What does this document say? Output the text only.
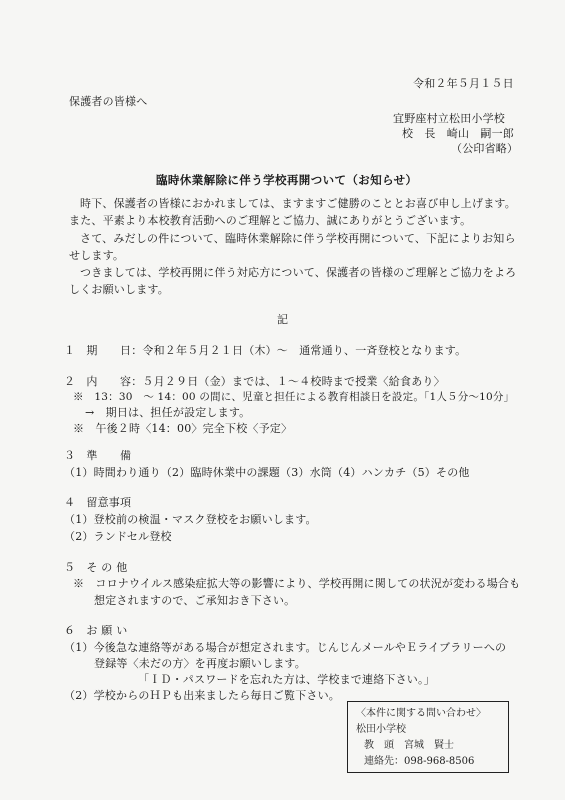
令和２年５月１５日
保護者の皆様へ
宜野座村立松田小学校
校　長　崎山　嗣一郎
（公印省略）
臨時休業解除に伴う学校再開ついて（お知らせ）
時下、保護者の皆様におかれましては、ますますご健勝のこととお喜び申し上げます。
また、平素より本校教育活動へのご理解とご協力、誠にありがとうございます。
さて、みだしの件について、臨時休業解除に伴う学校再開について、下記によりお知ら
せします。
つきましては、学校再開に伴う対応方について、保護者の皆様のご理解とご協力をよろ
しくお願いします。
記
１　期　　日：令和２年５月２１日（木）～　通常通り、一斉登校となります。
２　内　　容：５月２９日（金）までは、１～４校時まで授業〈給食あり〉
※　13：30　～ 14：00 の間に、児童と担任による教育相談日を設定。「1人５分～10分」
→　期日は、担任が設定します。
※　午後２時〈14：00〉完全下校〈予定〉
３　準　　備
（1）時間わり通り（2）臨時休業中の課題（3）水筒（4）ハンカチ（5）その他
４　留意事項
（1）登校前の検温・マスク登校をお願いします。
（2）ランドセル登校
５　そ の 他
※　コロナウイルス感染症拡大等の影響により、学校再開に関しての状況が変わる場合も
想定されますので、ご承知おき下さい。
６　お 願 い
（1）今後急な連絡等がある場合が想定されます。じんじんメールやＥライブラリーへの
登録等〈未だの方〉を再度お願いします。
「ＩＤ・パスワードを忘れた方は、学校まで連絡下さい。」
（2）学校からのＨＰも出来ましたら毎日ご覧下さい。
〈本件に関する問い合わせ〉
松田小学校
教　頭　宮城　賢士
連絡先：098-968-8506
